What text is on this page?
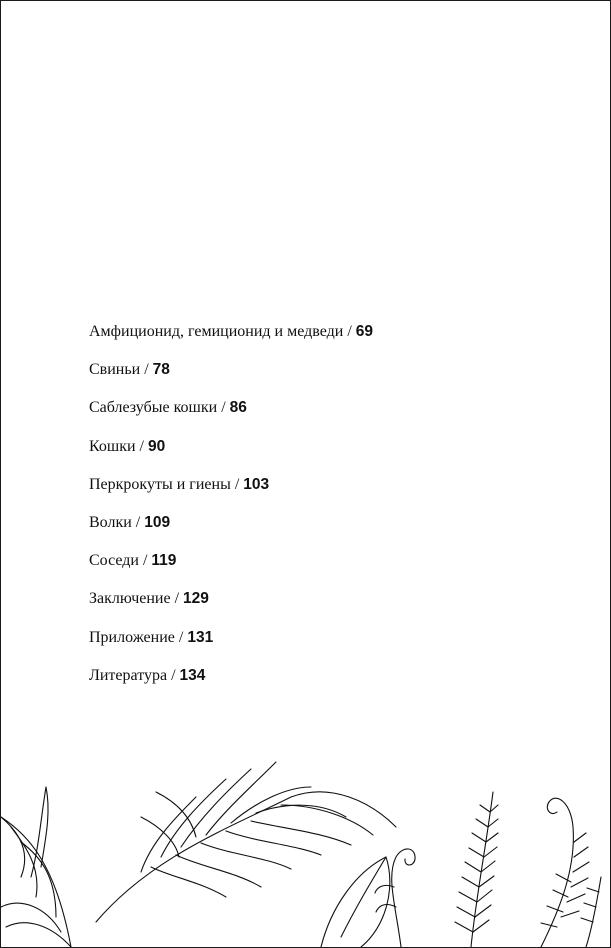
Амфиционид, гемиционид и медведи / 69
Свиньи / 78
Саблезубые кошки / 86
Кошки / 90
Перкрокуты и гиены / 103
Волки / 109
Соседи / 119
Заключение / 129
Приложение / 131
Литература / 134
